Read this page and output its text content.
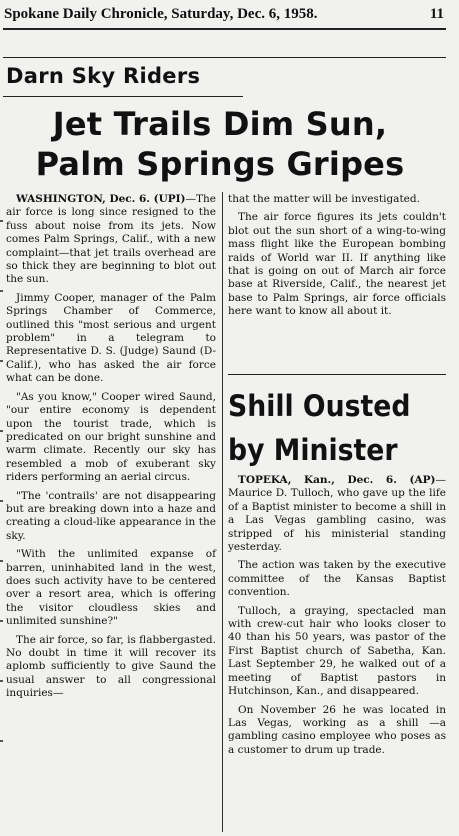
Spokane Daily Chronicle, Saturday, Dec. 6, 1958.	11
Darn Sky Riders
Jet Trails Dim Sun,
Palm Springs Gripes

WASHINGTON, Dec. 6. (UPI)—The air force is long since resigned to the fuss about noise from its jets. Now comes Palm Springs, Calif., with a new complaint—that jet trails overhead are so thick they are beginning to blot out the sun.

Jimmy Cooper, manager of the Palm Springs Chamber of Commerce, outlined this "most serious and urgent problem" in a telegram to Representative D. S. (Judge) Saund (D-Calif.), who has asked the air force what can be done.

"As you know," Cooper wired Saund, "our entire economy is dependent upon the tourist trade, which is predicated on our bright sunshine and warm climate. Recently our sky has resembled a mob of exuberant sky riders performing an aerial circus.

"The 'contrails' are not disappearing but are breaking down into a haze and creating a cloud-like appearance in the sky.

"With the unlimited expanse of barren, uninhabited land in the west, does such activity have to be centered over a resort area, which is offering the visitor cloudless skies and unlimited sunshine?"

The air force, so far, is flabbergasted. No doubt in time it will recover its aplomb sufficiently to give Saund the usual answer to all congressional inquiries—

that the matter will be investigated.

The air force figures its jets couldn't blot out the sun short of a wing-to-wing mass flight like the European bombing raids of World war II. If anything like that is going on out of March air force base at Riverside, Calif., the nearest jet base to Palm Springs, air force officials here want to know all about it.

Shill Ousted
by Minister

TOPEKA, Kan., Dec. 6. (AP)—Maurice D. Tulloch, who gave up the life of a Baptist minister to become a shill in a Las Vegas gambling casino, was stripped of his ministerial standing yesterday.

The action was taken by the executive committee of the Kansas Baptist convention.

Tulloch, a graying, spectacled man with crew-cut hair who looks closer to 40 than his 50 years, was pastor of the First Baptist church of Sabetha, Kan. Last September 29, he walked out of a meeting of Baptist pastors in Hutchinson, Kan., and disappeared.

On November 26 he was located in Las Vegas, working as a shill —a gambling casino employee who poses as a customer to drum up trade.
